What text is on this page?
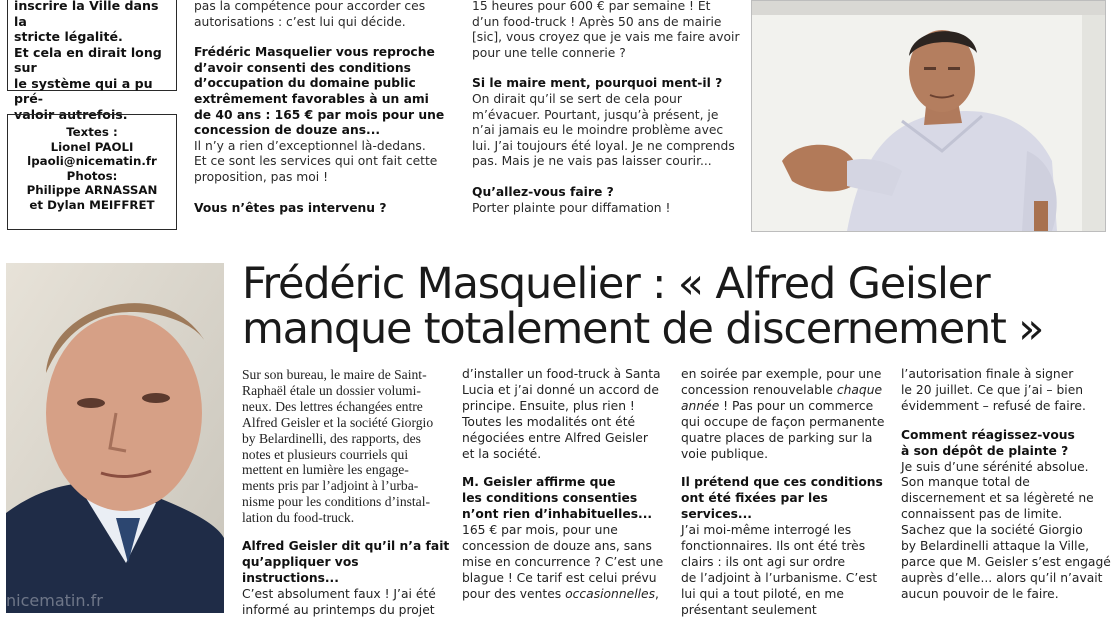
inscrire la Ville dans la
stricte légalité.
Et cela en dirait long sur
le système qui a pu pré-
valoir autrefois.
Textes :
Lionel PAOLI
lpaoli@nicematin.fr
Photos:
Philippe ARNASSAN
et Dylan MEIFFRET
pas la compétence pour accorder ces
autorisations : c’est lui qui décide.
Frédéric Masquelier vous reproche
d’avoir consenti des conditions
d’occupation du domaine public
extrêmement favorables à un ami
de 40 ans : 165 € par mois pour une
concession de douze ans...
Il n’y a rien d’exceptionnel là-dedans.
Et ce sont les services qui ont fait cette
proposition, pas moi !
Vous n’êtes pas intervenu ?
15 heures pour 600 € par semaine ! Et
d’un food-truck ! Après 50 ans de mairie
[sic], vous croyez que je vais me faire avoir
pour une telle connerie ?
Si le maire ment, pourquoi ment-il ?
On dirait qu’il se sert de cela pour
m’évacuer. Pourtant, jusqu’à présent, je
n’ai jamais eu le moindre problème avec
lui. J’ai toujours été loyal. Je ne comprends
pas. Mais je ne vais pas laisser courir...
Qu’allez-vous faire ?
Porter plainte pour diffamation !
nicematin.fr
Frédéric Masquelier : « Alfred Geisler
manque totalement de discernement »
Sur son bureau, le maire de Saint-
Raphaël étale un dossier volumi-
neux. Des lettres échangées entre
Alfred Geisler et la société Giorgio
by Belardinelli, des rapports, des
notes et plusieurs courriels qui
mettent en lumière les engage-
ments pris par l’adjoint à l’urba-
nisme pour les conditions d’instal-
lation du food-truck.
Alfred Geisler dit qu’il n’a fait
qu’appliquer vos instructions...
C’est absolument faux ! J’ai été
informé au printemps du projet
d’installer un food-truck à Santa
Lucia et j’ai donné un accord de
principe. Ensuite, plus rien !
Toutes les modalités ont été
négociées entre Alfred Geisler
et la société.
M. Geisler affirme que
les conditions consenties
n’ont rien d’inhabituelles...
165 € par mois, pour une
concession de douze ans, sans
mise en concurrence ? C’est une
blague ! Ce tarif est celui prévu
pour des ventes occasionnelles,
en soirée par exemple, pour une
concession renouvelable chaque
année ! Pas pour un commerce
qui occupe de façon permanente
quatre places de parking sur la
voie publique.
Il prétend que ces conditions
ont été fixées par les services...
J’ai moi-même interrogé les
fonctionnaires. Ils ont été très
clairs : ils ont agi sur ordre
de l’adjoint à l’urbanisme. C’est
lui qui a tout piloté, en me
présentant seulement
l’autorisation finale à signer
le 20 juillet. Ce que j’ai – bien
évidemment – refusé de faire.
Comment réagissez-vous
à son dépôt de plainte ?
Je suis d’une sérénité absolue.
Son manque total de
discernement et sa légèreté ne
connaissent pas de limite.
Sachez que la société Giorgio
by Belardinelli attaque la Ville,
parce que M. Geisler s’est engagé
auprès d’elle... alors qu’il n’avait
aucun pouvoir de le faire.
